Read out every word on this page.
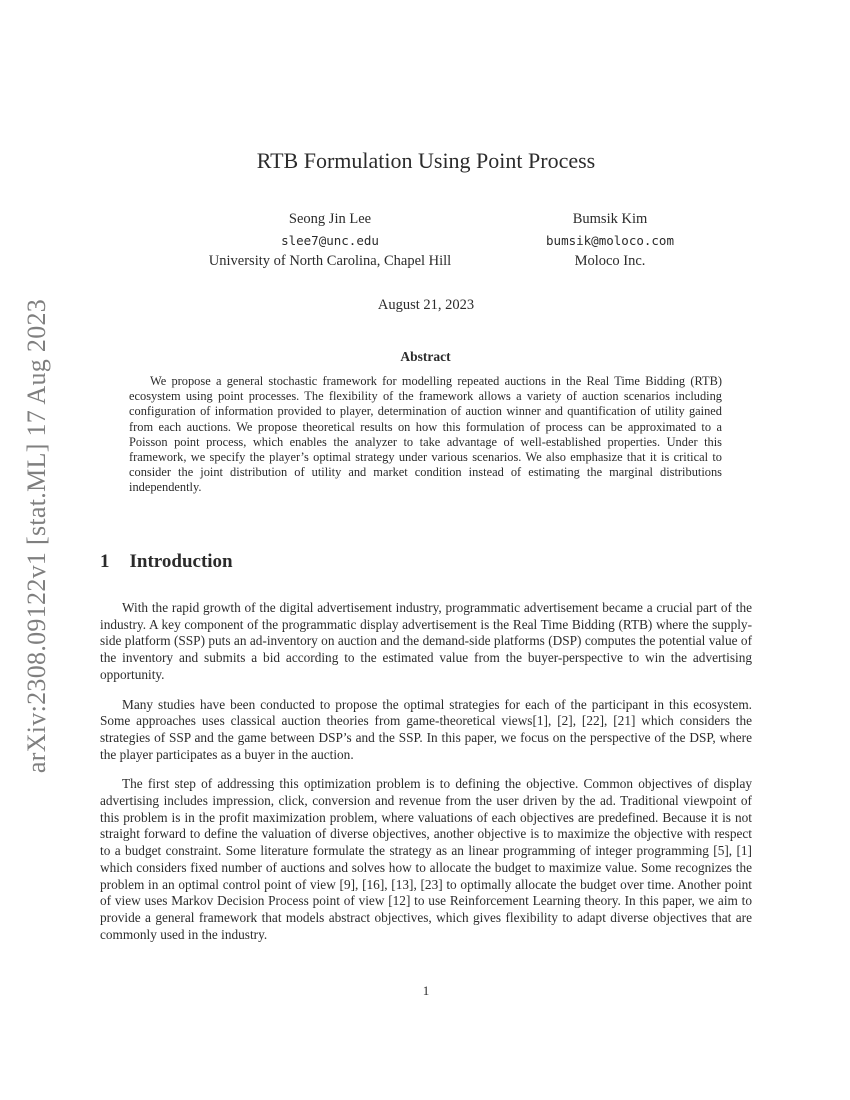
arXiv:2308.09122v1 [stat.ML] 17 Aug 2023
RTB Formulation Using Point Process
Seong Jin Lee
slee7@unc.edu
University of North Carolina, Chapel Hill
Bumsik Kim
bumsik@moloco.com
Moloco Inc.
August 21, 2023
Abstract

We propose a general stochastic framework for modelling repeated auctions in the Real Time Bidding (RTB) ecosystem using point processes. The flexibility of the framework allows a variety of auction scenarios including configuration of information provided to player, determination of auction winner and quantification of utility gained from each auctions. We propose theoretical results on how this formulation of process can be approximated to a Poisson point process, which enables the analyzer to take advantage of well-established properties. Under this framework, we specify the player’s optimal strategy under various scenarios. We also emphasize that it is critical to consider the joint distribution of utility and market condition instead of estimating the marginal distributions independently.

1 Introduction

With the rapid growth of the digital advertisement industry, programmatic advertisement became a crucial part of the industry. A key component of the programmatic display advertisement is the Real Time Bidding (RTB) where the supply-side platform (SSP) puts an ad-inventory on auction and the demand-side platforms (DSP) computes the potential value of the inventory and submits a bid according to the estimated value from the buyer-perspective to win the advertising opportunity.

Many studies have been conducted to propose the optimal strategies for each of the participant in this ecosystem. Some approaches uses classical auction theories from game-theoretical views[1], [2], [22], [21] which considers the strategies of SSP and the game between DSP’s and the SSP. In this paper, we focus on the perspective of the DSP, where the player participates as a buyer in the auction.

The first step of addressing this optimization problem is to defining the objective. Common objectives of display advertising includes impression, click, conversion and revenue from the user driven by the ad. Traditional viewpoint of this problem is in the profit maximization problem, where valuations of each objectives are predefined. Because it is not straight forward to define the valuation of diverse objectives, another objective is to maximize the objective with respect to a budget constraint. Some literature formulate the strategy as an linear programming of integer programming [5], [1] which considers fixed number of auctions and solves how to allocate the budget to maximize value. Some recognizes the problem in an optimal control point of view [9], [16], [13], [23] to optimally allocate the budget over time. Another point of view uses Markov Decision Process point of view [12] to use Reinforcement Learning theory. In this paper, we aim to provide a general framework that models abstract objectives, which gives flexibility to adapt diverse objectives that are commonly used in the industry.

1
